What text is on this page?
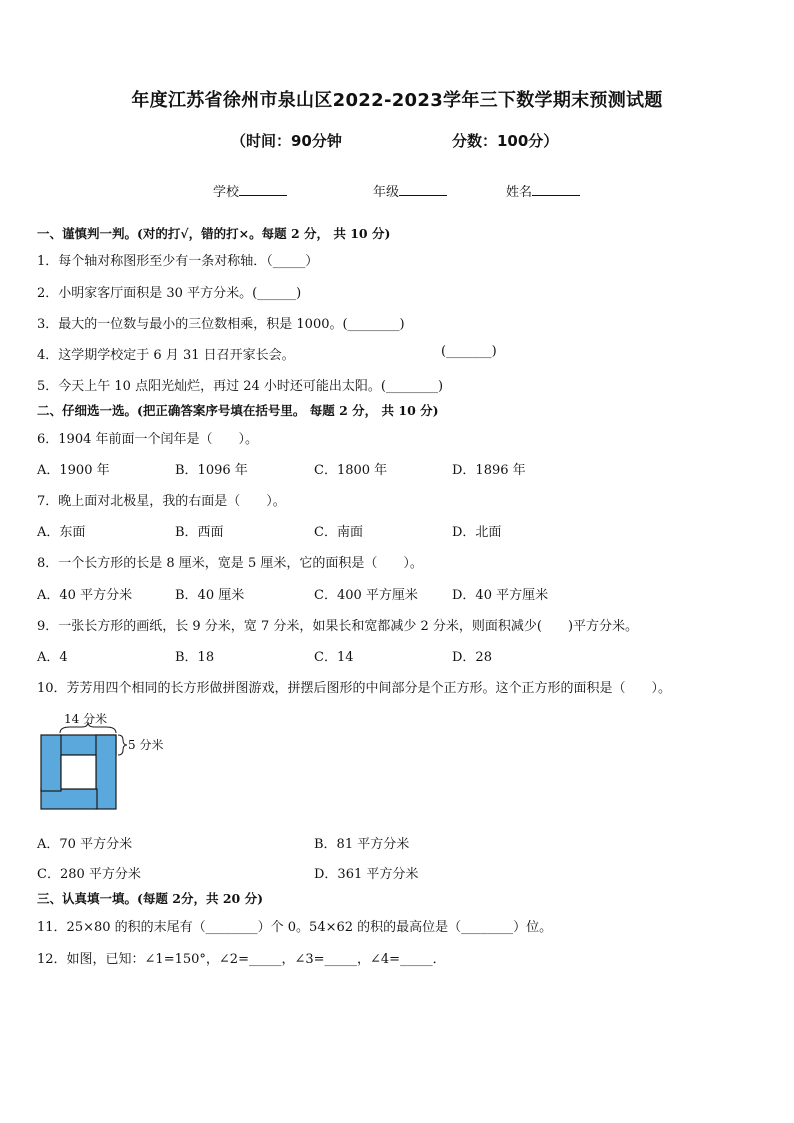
年度江苏省徐州市泉山区2022-2023学年三下数学期末预测试题
（时间：90分钟	分数：100分）
学校	年级	姓名
一、谨慎判一判。(对的打√，错的打×。每题 2 分， 共 10 分)
1．每个轴对称图形至少有一条对称轴．（_____）
2．小明家客厅面积是 30 平方分米。(______)
3．最大的一位数与最小的三位数相乘，积是 1000。(________)
4．这学期学校定于 6 月 31 日召开家长会。	(_______)
5．今天上午 10 点阳光灿烂，再过 24 小时还可能出太阳。(________)
二、仔细选一选。(把正确答案序号填在括号里。 每题 2 分， 共 10 分)
6．1904 年前面一个闰年是（　　）。
A．1900 年	B．1096 年	C．1800 年	D．1896 年
7．晚上面对北极星，我的右面是（　　）。
A．东面	B．西面	C．南面	D．北面
8．一个长方形的长是 8 厘米，宽是 5 厘米，它的面积是（　　）。
A．40 平方分米	B．40 厘米	C．400 平方厘米	D．40 平方厘米
9．一张长方形的画纸，长 9 分米，宽 7 分米，如果长和宽都减少 2 分米，则面积减少(　　)平方分米。
A．4	B．18	C．14	D．28
10．芳芳用四个相同的长方形做拼图游戏，拼摆后图形的中间部分是个正方形。这个正方形的面积是（　　）。
14 分米
5 分米
A．70 平方分米	B．81 平方分米
C．280 平方分米	D．361 平方分米
三、认真填一填。(每题 2分，共 20 分)
11．25×80 的积的末尾有（________）个 0。54×62 的积的最高位是（________）位。
12．如图，已知：∠1=150°，∠2=_____，∠3=_____，∠4=_____．
